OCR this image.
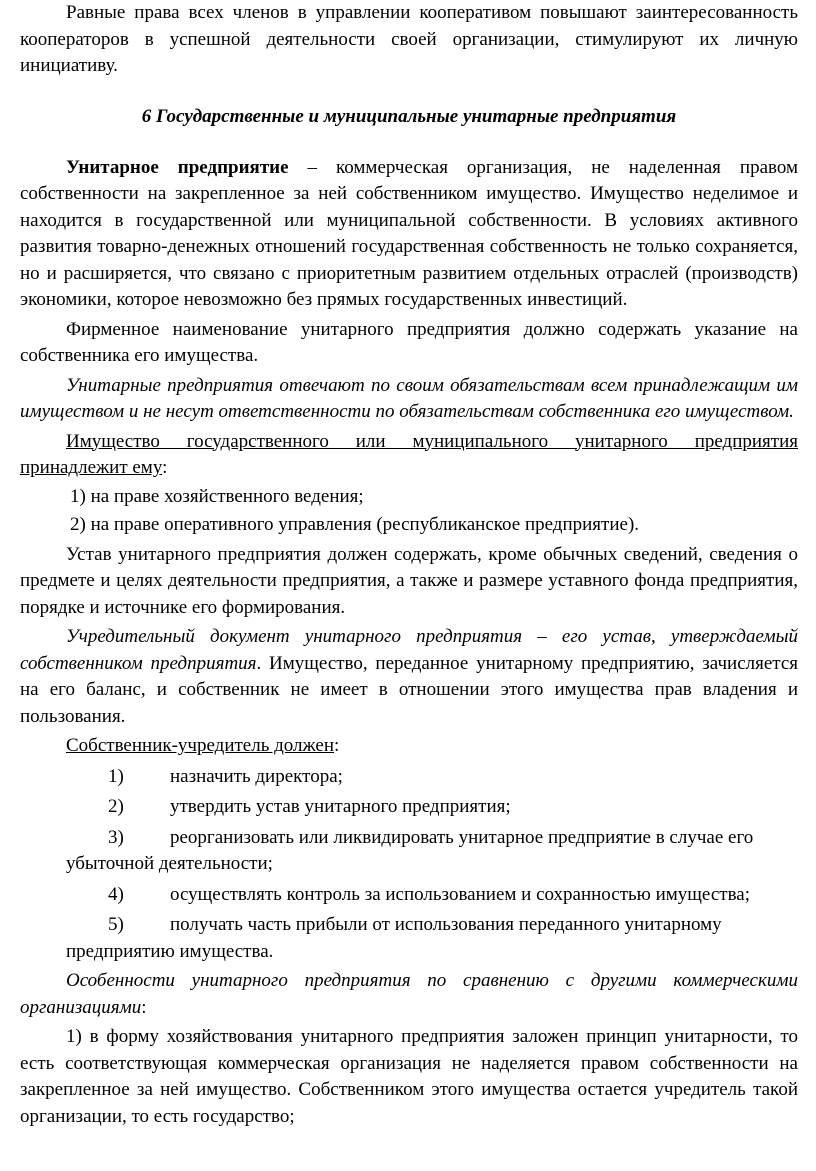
Равные права всех членов в управлении кооперативом повышают заинтересованность кооператоров в успешной деятельности своей организации, стимулируют их личную инициативу.

6 Государственные и муниципальные унитарные предприятия

Унитарное предприятие – коммерческая организация, не наделенная правом собственности на закрепленное за ней собственником имущество. Имущество неделимое и находится в государственной или муниципальной собственности. В условиях активного развития товарно-денежных отношений государственная собственность не только сохраняется, но и расширяется, что связано с приоритетным развитием отдельных отраслей (производств) экономики, которое невозможно без прямых государственных инвестиций.

Фирменное наименование унитарного предприятия должно содержать указание на собственника его имущества.

Унитарные предприятия отвечают по своим обязательствам всем принадлежащим им имуществом и не несут ответственности по обязательствам собственника его имуществом.

Имущество государственного или муниципального унитарного предприятия принадлежит ему:

1) на праве хозяйственного ведения;

2) на праве оперативного управления (республиканское предприятие).

Устав унитарного предприятия должен содержать, кроме обычных сведений, сведения о предмете и целях деятельности предприятия, а также и размере уставного фонда предприятия, порядке и источнике его формирования.

Учредительный документ унитарного предприятия – его устав, утверждаемый собственником предприятия. Имущество, переданное унитарному предприятию, зачисляется на его баланс, и собственник не имеет в отношении этого имущества прав владения и пользования.

Собственник-учредитель должен:

1)	назначить директора;
2)	утвердить устав унитарного предприятия;
3)	реорганизовать или ликвидировать унитарное предприятие в случае его

убыточной деятельности;

4)	осуществлять контроль за использованием и сохранностью имущества;
5)	получать часть прибыли от использования переданного унитарному

предприятию имущества.

Особенности унитарного предприятия по сравнению с другими коммерческими организациями:

1) в форму хозяйствования унитарного предприятия заложен принцип унитарности, то есть соответствующая коммерческая организация не наделяется правом собственности на закрепленное за ней имущество. Собственником этого имущества остается учредитель такой организации, то есть государство;
